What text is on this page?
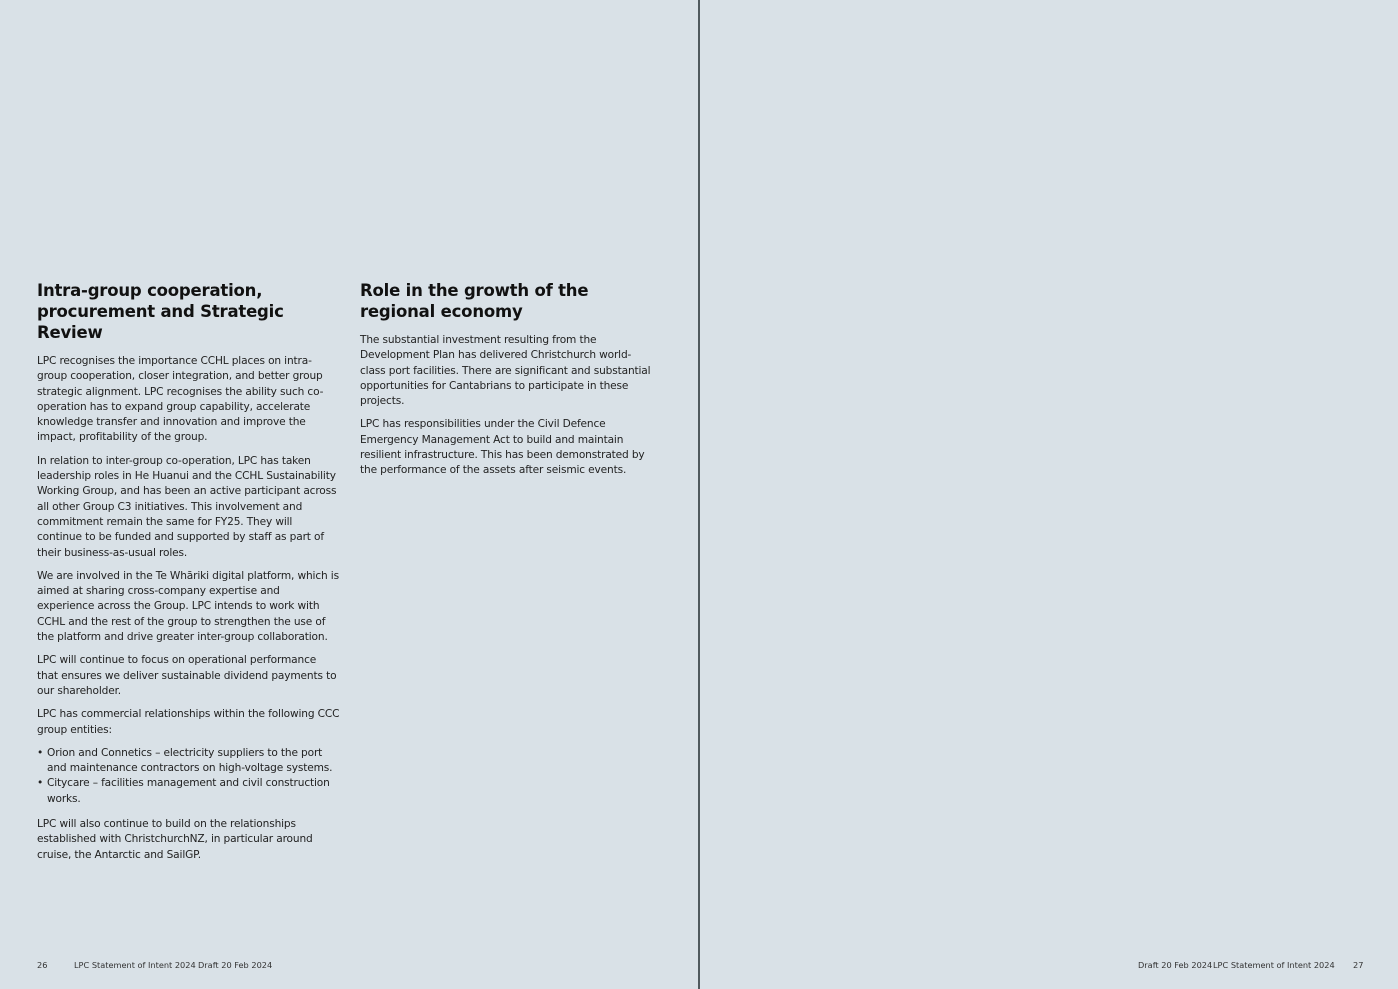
Intra-group cooperation, procurement and Strategic Review

LPC recognises the importance CCHL places on intra-group cooperation, closer integration, and better group strategic alignment. LPC recognises the ability such co-operation has to expand group capability, accelerate knowledge transfer and innovation and improve the impact, profitability of the group.

In relation to inter-group co-operation, LPC has taken leadership roles in He Huanui and the CCHL Sustainability Working Group, and has been an active participant across all other Group C3 initiatives. This involvement and commitment remain the same for FY25. They will continue to be funded and supported by staff as part of their business-as-usual roles.

We are involved in the Te Whāriki digital platform, which is aimed at sharing cross-company expertise and experience across the Group. LPC intends to work with CCHL and the rest of the group to strengthen the use of the platform and drive greater inter-group collaboration.

LPC will continue to focus on operational performance that ensures we deliver sustainable dividend payments to our shareholder.

LPC has commercial relationships within the following CCC group entities:

• Orion and Connetics – electricity suppliers to the port and maintenance contractors on high-voltage systems.
• Citycare – facilities management and civil construction works.

LPC will also continue to build on the relationships established with ChristchurchNZ, in particular around cruise, the Antarctic and SailGP.

Role in the growth of the regional economy

The substantial investment resulting from the Development Plan has delivered Christchurch world-class port facilities. There are significant and substantial opportunities for Cantabrians to participate in these projects.

LPC has responsibilities under the Civil Defence Emergency Management Act to build and maintain resilient infrastructure. This has been demonstrated by the performance of the assets after seismic events.

26	LPC Statement of Intent 2024 Draft 20 Feb 2024	Draft 20 Feb 2024 LPC Statement of Intent 2024 27
